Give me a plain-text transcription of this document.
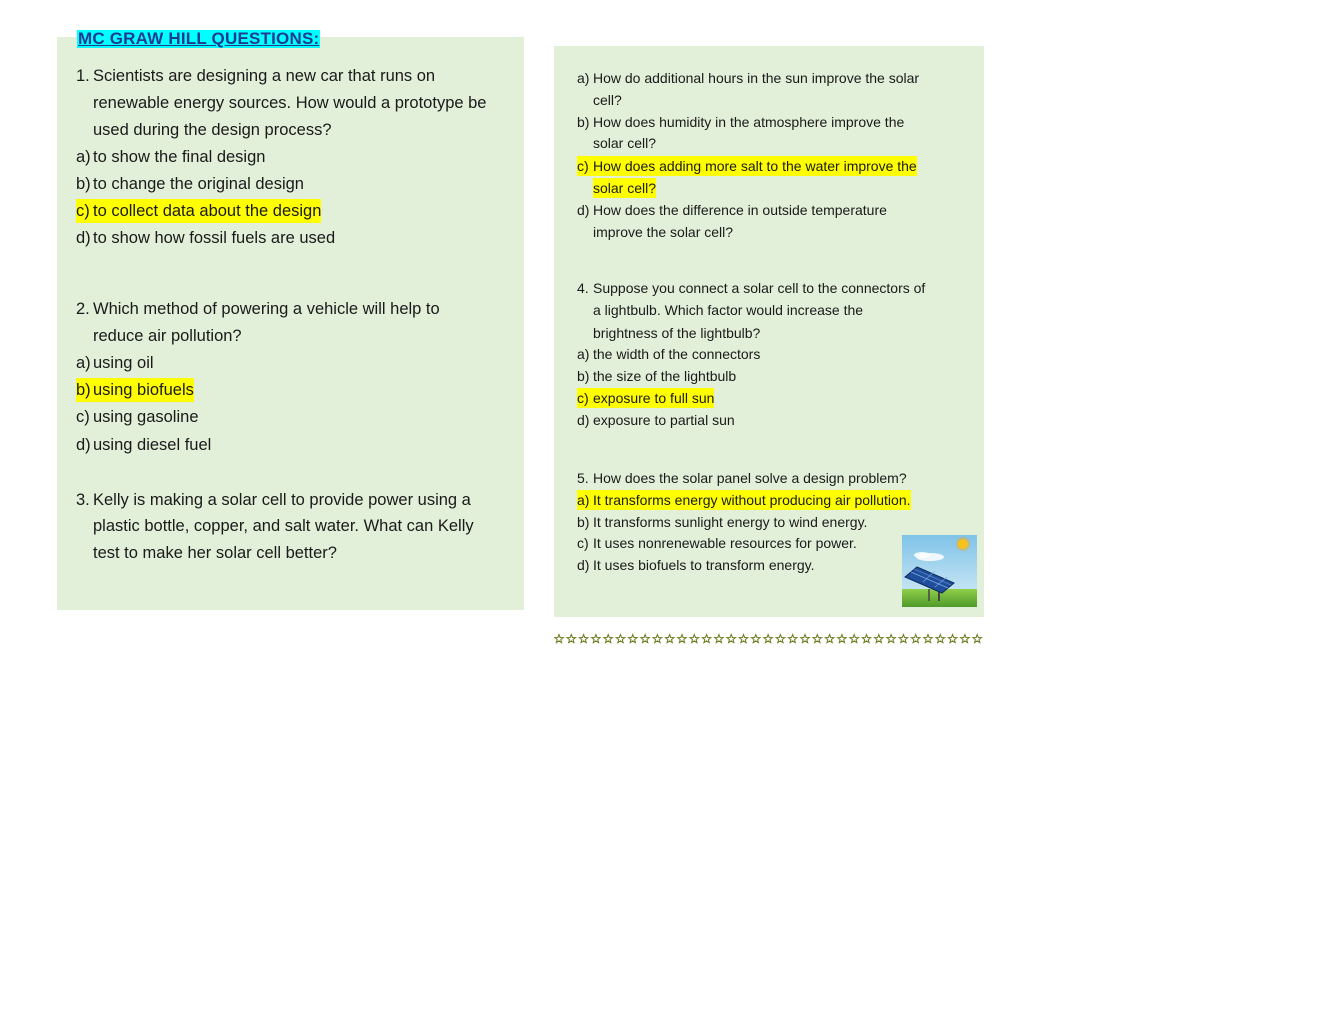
MC GRAW HILL QUESTIONS:
1. Scientists are designing a new car that runs on
renewable energy sources. How would a prototype be
used during the design process?
a) to show the final design
b) to change the original design
c) to collect data about the design
d) to show how fossil fuels are used
2. Which method of powering a vehicle will help to
reduce air pollution?
a) using oil
b) using biofuels
c) using gasoline
d) using diesel fuel
3. Kelly is making a solar cell to provide power using a
plastic bottle, copper, and salt water. What can Kelly
test to make her solar cell better?
a) How do additional hours in the sun improve the solar
cell?
b) How does humidity in the atmosphere improve the
solar cell?
c) How does adding more salt to the water improve the
solar cell?
d) How does the difference in outside temperature
improve the solar cell?
4. Suppose you connect a solar cell to the connectors of
a lightbulb. Which factor would increase the
brightness of the lightbulb?
a) the width of the connectors
b) the size of the lightbulb
c) exposure to full sun
d) exposure to partial sun
5. How does the solar panel solve a design problem?
a) It transforms energy without producing air pollution.
b) It transforms sunlight energy to wind energy.
c) It uses nonrenewable resources for power.
d) It uses biofuels to transform energy.
